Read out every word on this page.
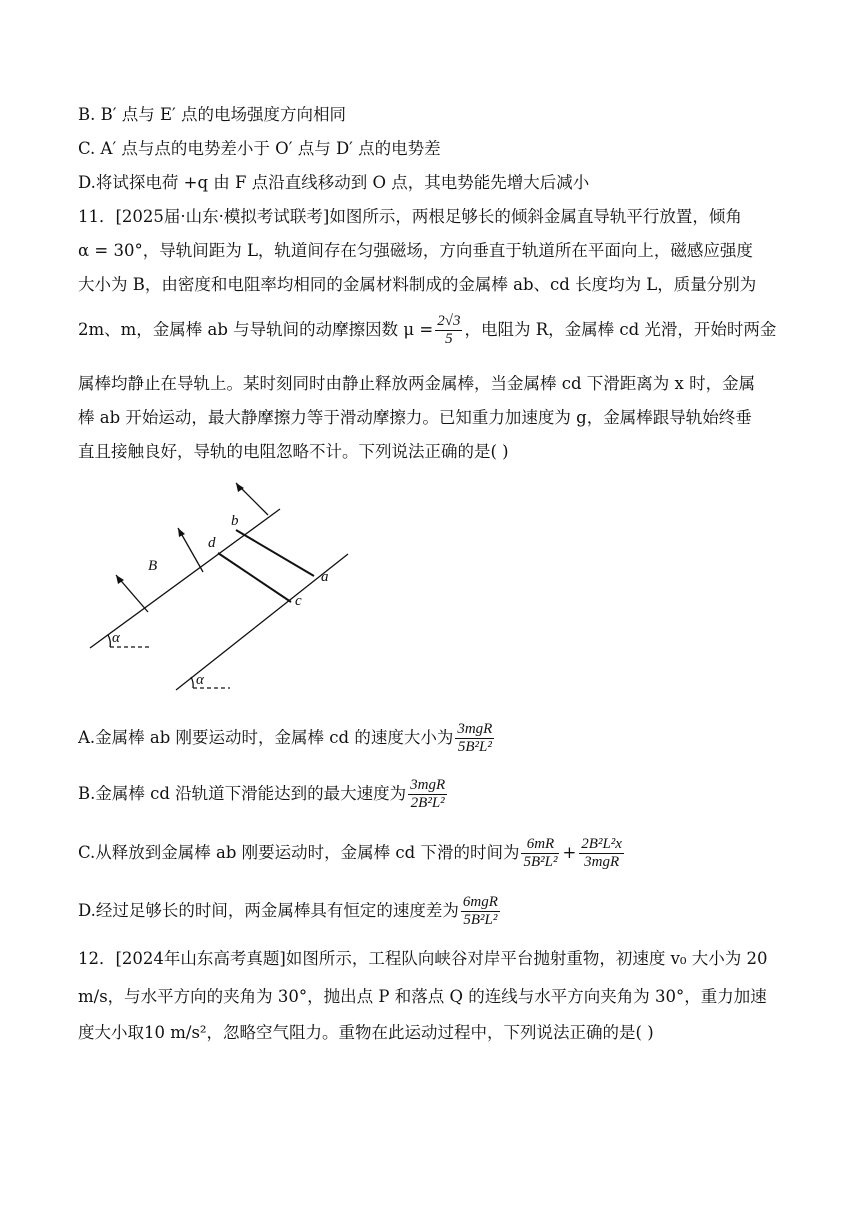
B. B′ 点与 E′ 点的电场强度方向相同
C. A′ 点与点的电势差小于 O′ 点与 D′ 点的电势差
D.将试探电荷 +q 由 F 点沿直线移动到 O 点，其电势能先增大后减小
11．[2025届·山东·模拟考试联考]如图所示，两根足够长的倾斜金属直导轨平行放置，倾角
α = 30°，导轨间距为 L，轨道间存在匀强磁场，方向垂直于轨道所在平面向上，磁感应强度
大小为 B，由密度和电阻率均相同的金属材料制成的金属棒 ab、cd 长度均为 L，质量分别为
2m、m，金属棒 ab 与导轨间的动摩擦因数 $\mu = \frac{2√3}{5}$ ，电阻为 R，金属棒 cd 光滑，开始时两金
属棒均静止在导轨上。某时刻同时由静止释放两金属棒，当金属棒 cd 下滑距离为 x 时，金属
棒 ab 开始运动，最大静摩擦力等于滑动摩擦力。已知重力加速度为 g，金属棒跟导轨始终垂
直且接触良好，导轨的电阻忽略不计。下列说法正确的是( )
B
d
b
a
c
α
α
A.金属棒 ab 刚要运动时，金属棒 cd 的速度大小为 $\frac{\text{3mgR}}{\text{5B²L²}}$
B.金属棒 cd 沿轨道下滑能达到的最大速度为 $\frac{\text{3mgR}}{\text{2B²L²}}$
C.从释放到金属棒 ab 刚要运动时，金属棒 cd 下滑的时间为 $\frac{6mR}{\text{5B²L²}} + \frac{\text{2B²L²x}}{\text{3mgR}}$
D.经过足够长的时间，两金属棒具有恒定的速度差为 $\frac{\text{6mgR}}{\text{5B²L²}}$
12．[2024年山东高考真题]如图所示，工程队向峡谷对岸平台抛射重物，初速度 v₀ 大小为 20
m/s，与水平方向的夹角为 30°，抛出点 P 和落点 Q 的连线与水平方向夹角为 30°，重力加速
度大小取10 m/s²，忽略空气阻力。重物在此运动过程中，下列说法正确的是( )
